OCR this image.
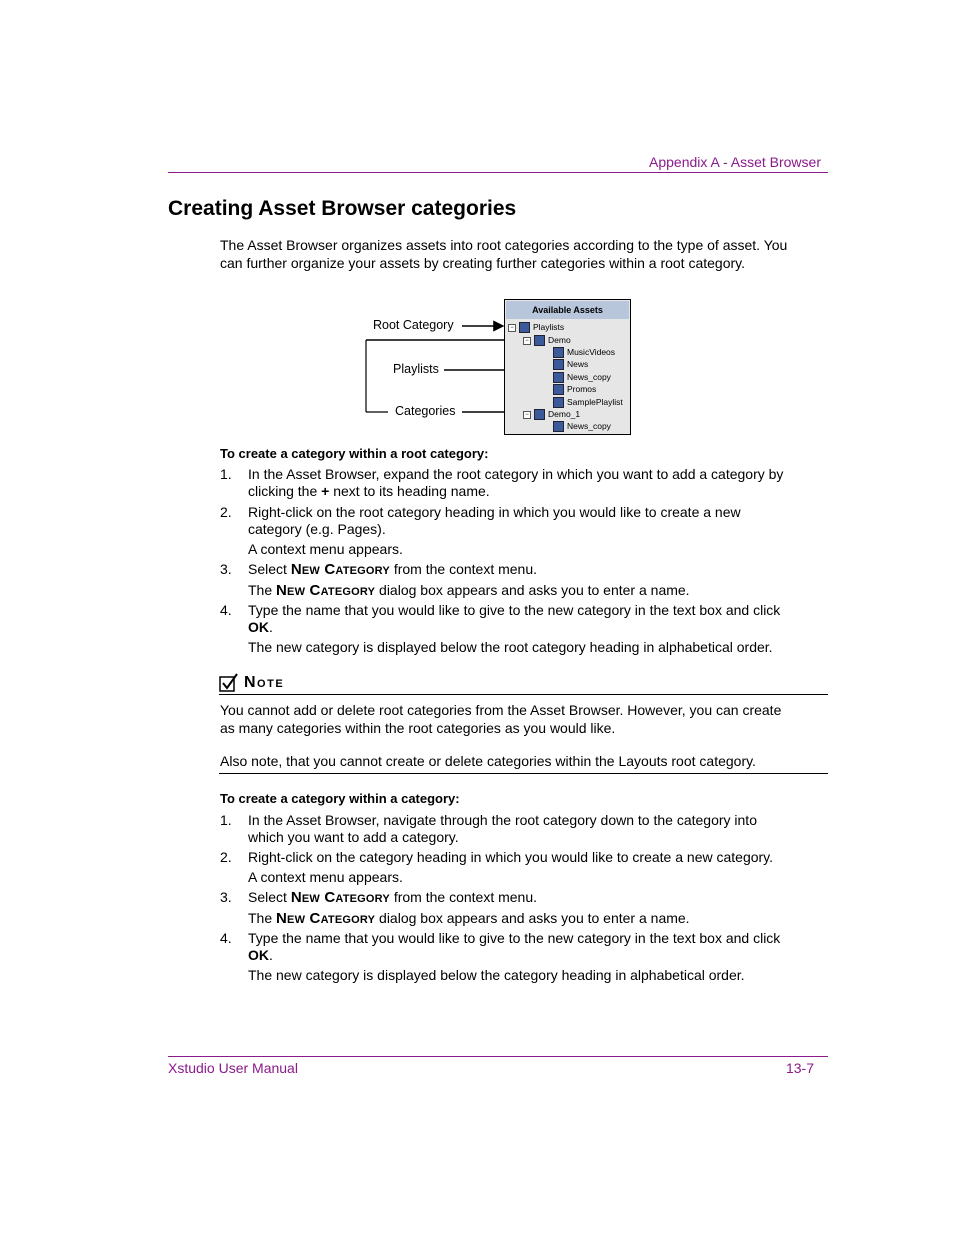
Appendix A - Asset Browser
Creating Asset Browser categories
The Asset Browser organizes assets into root categories according to the type of asset. You can further organize your assets by creating further categories within a root category.
Root Category
Playlists
Categories
Available Assets
− Playlists
− Demo
MusicVideos
News
News_copy
Promos
SamplePlaylist
− Demo_1
News_copy
To create a category within a root category:
1. In the Asset Browser, expand the root category in which you want to add a category by clicking the + next to its heading name.
2. Right-click on the root category heading in which you would like to create a new category (e.g. Pages).
A context menu appears.
3. Select New Category from the context menu.
The New Category dialog box appears and asks you to enter a name.
4. Type the name that you would like to give to the new category in the text box and click OK.
The new category is displayed below the root category heading in alphabetical order.
Note
You cannot add or delete root categories from the Asset Browser. However, you can create as many categories within the root categories as you would like.
Also note, that you cannot create or delete categories within the Layouts root category.
To create a category within a category:
1. In the Asset Browser, navigate through the root category down to the category into which you want to add a category.
2. Right-click on the category heading in which you would like to create a new category.
A context menu appears.
3. Select New Category from the context menu.
The New Category dialog box appears and asks you to enter a name.
4. Type the name that you would like to give to the new category in the text box and click OK.
The new category is displayed below the category heading in alphabetical order.
Xstudio User Manual	13-7
